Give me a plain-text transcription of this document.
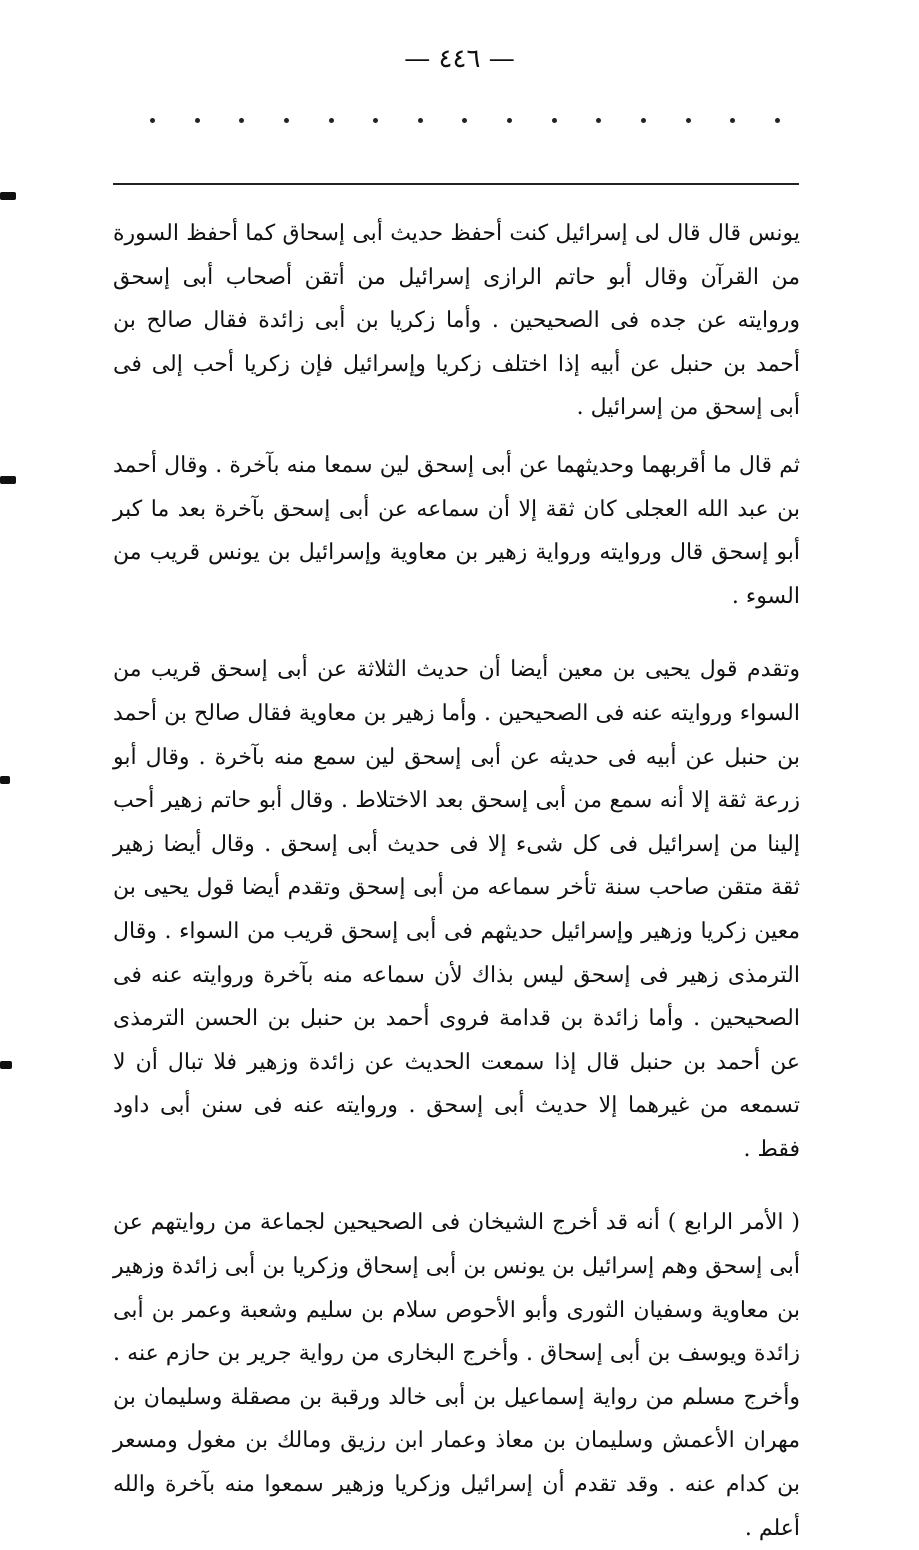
— ٤٤٦ —

يونس قال قال لى إسرائيل كنت أحفظ حديث أبى إسحاق كما أحفظ السورة من القرآن وقال أبو حاتم الرازى إسرائيل من أتقن أصحاب أبى إسحق وروايته عن جده فى الصحيحين . وأما زكريا بن أبى زائدة فقال صالح بن أحمد بن حنبل عن أبيه إذا اختلف زكريا وإسرائيل فإن زكريا أحب إلى فى أبى إسحق من إسرائيل .

ثم قال ما أقربهما وحديثهما عن أبى إسحق لين سمعا منه بآخرة . وقال أحمد بن عبد الله العجلى كان ثقة إلا أن سماعه عن أبى إسحق بآخرة بعد ما كبر أبو إسحق قال وروايته ورواية زهير بن معاوية وإسرائيل بن يونس قريب من السوء .

وتقدم قول يحيى بن معين أيضا أن حديث الثلاثة عن أبى إسحق قريب من السواء وروايته عنه فى الصحيحين . وأما زهير بن معاوية فقال صالح بن أحمد بن حنبل عن أبيه فى حديثه عن أبى إسحق لين سمع منه بآخرة . وقال أبو زرعة ثقة إلا أنه سمع من أبى إسحق بعد الاختلاط . وقال أبو حاتم زهير أحب إلينا من إسرائيل فى كل شىء إلا فى حديث أبى إسحق . وقال أيضا زهير ثقة متقن صاحب سنة تأخر سماعه من أبى إسحق وتقدم أيضا قول يحيى بن معين زكريا وزهير وإسرائيل حديثهم فى أبى إسحق قريب من السواء . وقال الترمذى زهير فى إسحق ليس بذاك لأن سماعه منه بآخرة وروايته عنه فى الصحيحين . وأما زائدة بن قدامة فروى أحمد بن حنبل بن الحسن الترمذى عن أحمد بن حنبل قال إذا سمعت الحديث عن زائدة وزهير فلا تبال أن لا تسمعه من غيرهما إلا حديث أبى إسحق . وروايته عنه فى سنن أبى داود فقط .

( الأمر الرابع ) أنه قد أخرج الشيخان فى الصحيحين لجماعة من روايتهم عن أبى إسحق وهم إسرائيل بن يونس بن أبى إسحاق وزكريا بن أبى زائدة وزهير بن معاوية وسفيان الثورى وأبو الأحوص سلام بن سليم وشعبة وعمر بن أبى زائدة ويوسف بن أبى إسحاق . وأخرج البخارى من رواية جرير بن حازم عنه . وأخرج مسلم من رواية إسماعيل بن أبى خالد ورقبة بن مصقلة وسليمان بن مهران الأعمش وسليمان بن معاذ وعمار ابن رزيق ومالك بن مغول ومسعر بن كدام عنه . وقد تقدم أن إسرائيل وزكريا وزهير سمعوا منه بآخرة والله أعلم .
